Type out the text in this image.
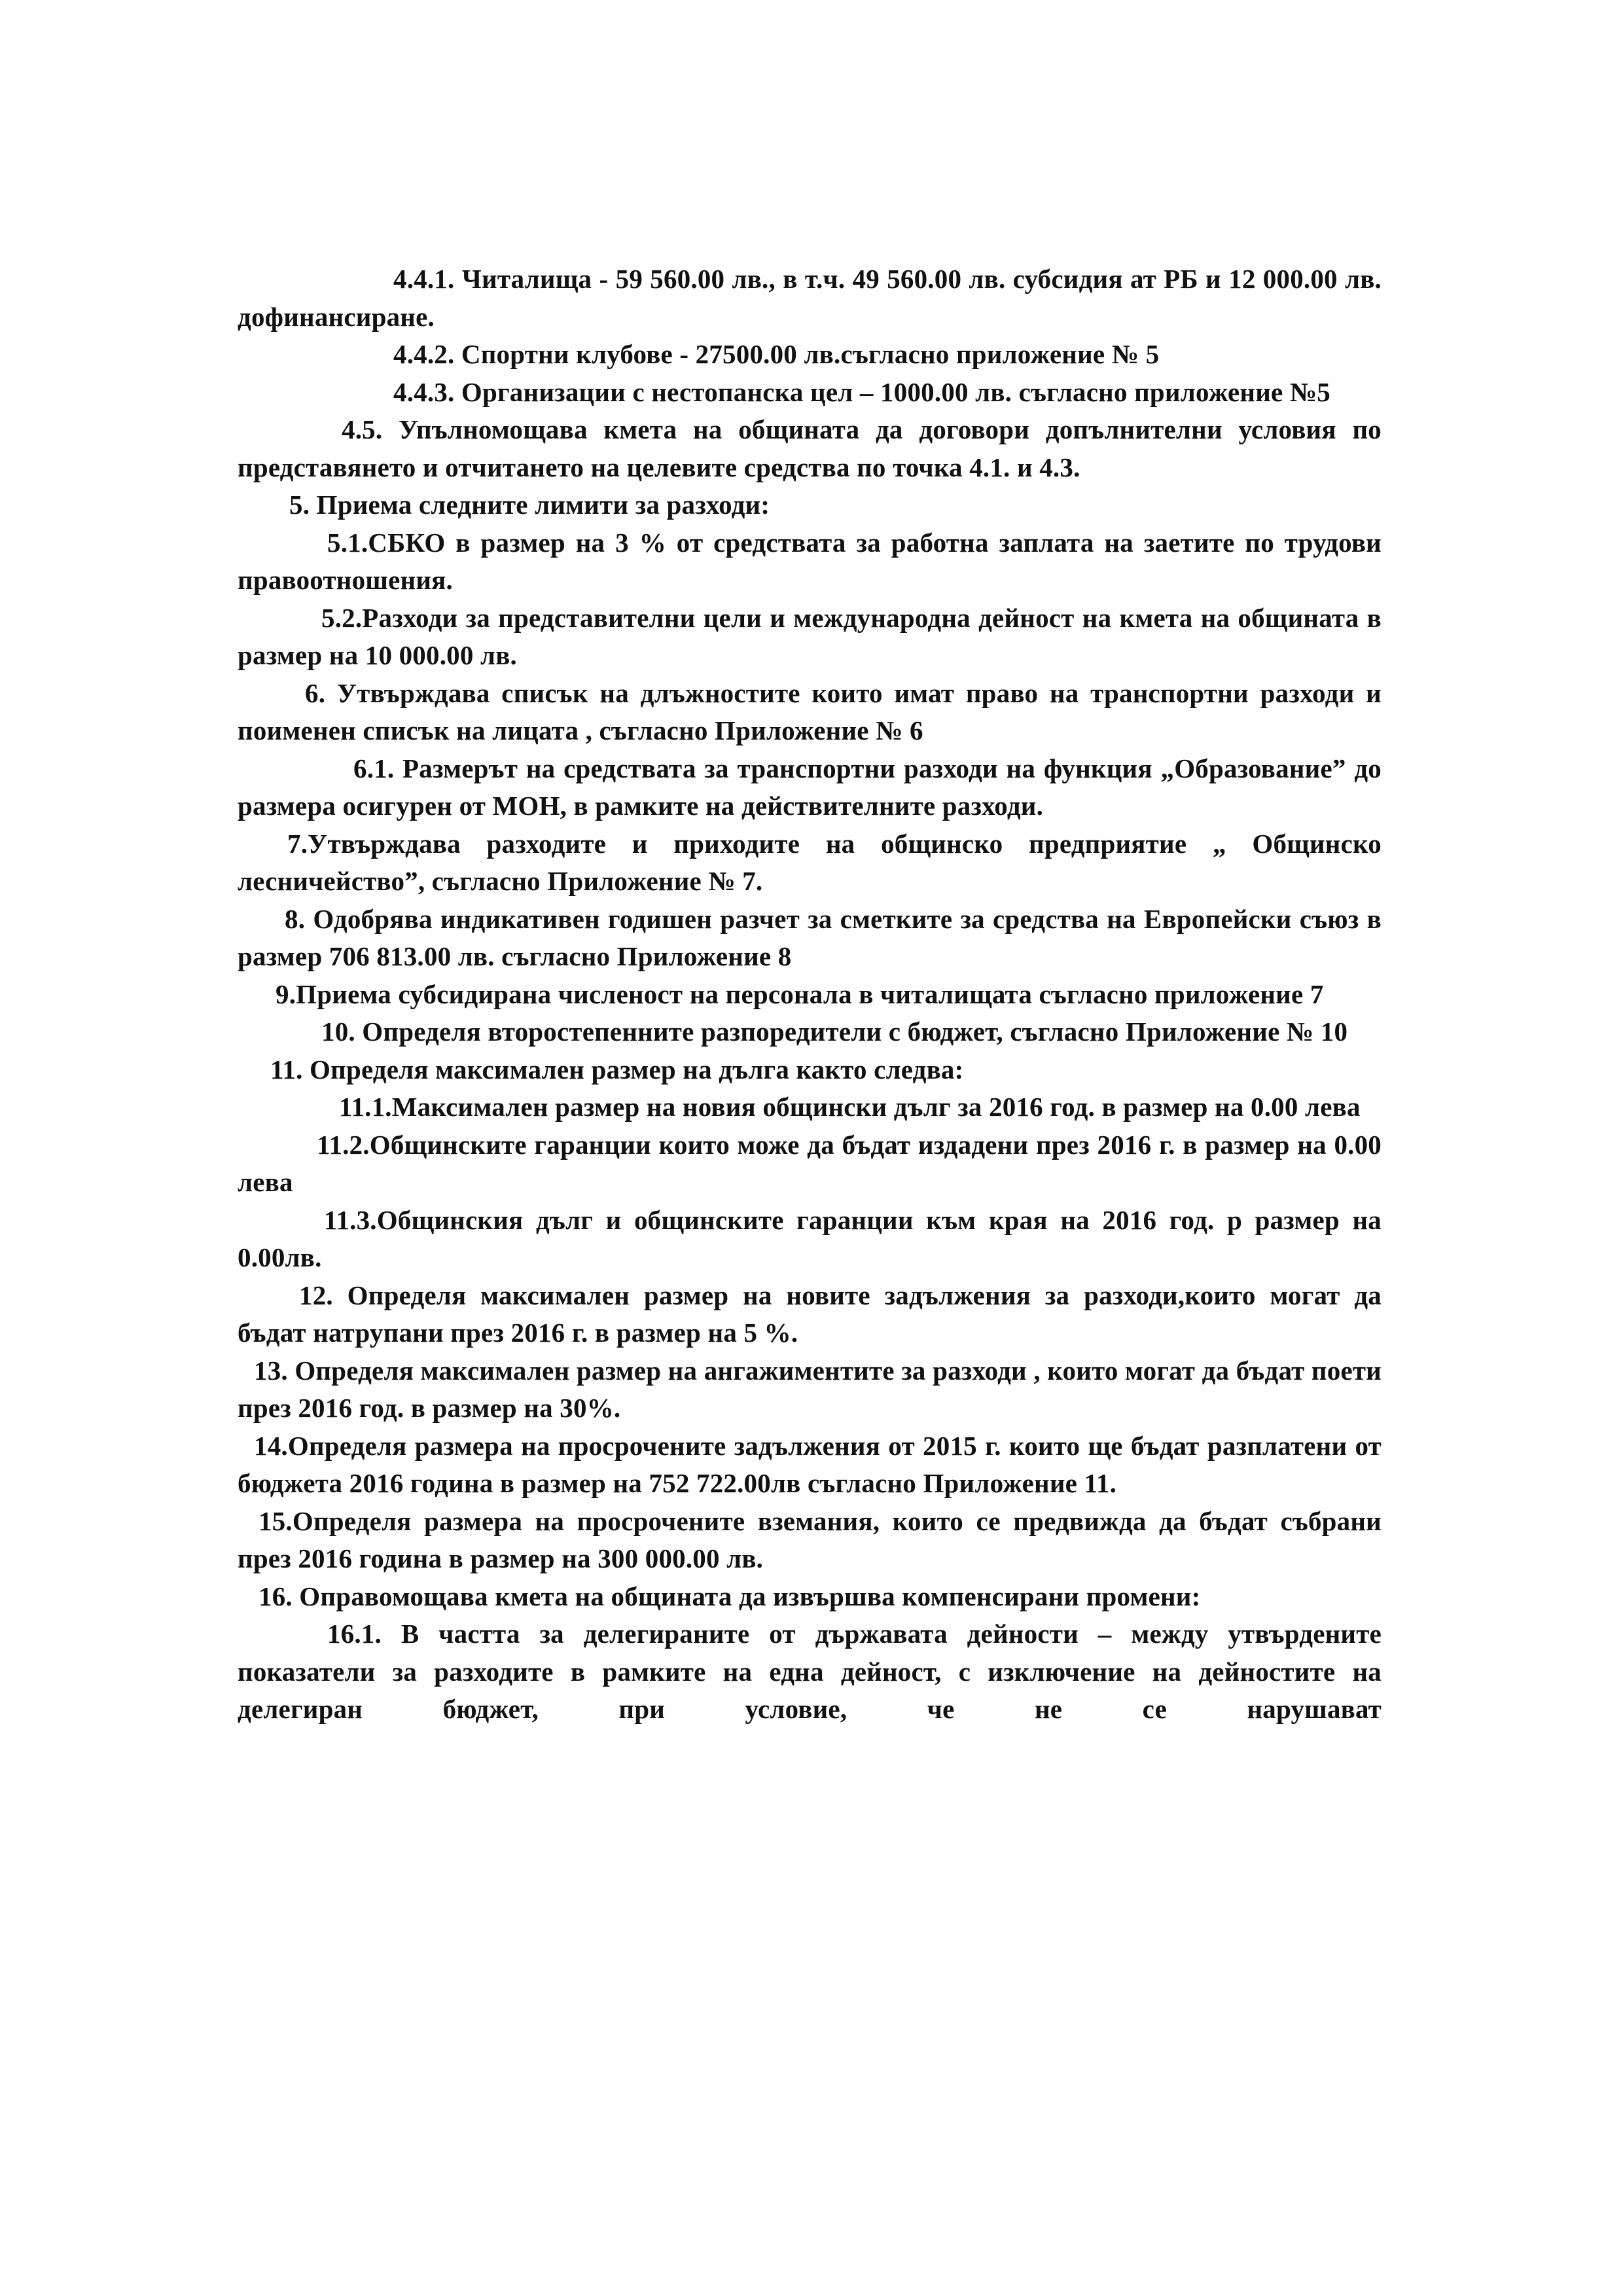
4.4.1. Читалища - 59 560.00 лв., в т.ч. 49 560.00 лв. субсидия ат РБ и 12 000.00 лв. дофинансиране.

4.4.2. Спортни клубове - 27500.00 лв.съгласно приложение № 5

4.4.3. Организации с нестопанска цел – 1000.00 лв. съгласно приложение №5

4.5. Упълномощава кмета на общината да договори допълнителни условия по представянето и отчитането на целевите средства по точка 4.1. и 4.3.

5. Приема следните лимити за разходи:

5.1.СБКО в размер на 3 % от средствата за работна заплата на заетите по трудови правоотношения.

5.2.Разходи за представителни цели и международна дейност на кмета на общината в размер на 10 000.00 лв.

6. Утвърждава списък на длъжностите които имат право на транспортни разходи и поименен списък на лицата , съгласно Приложение № 6

6.1. Размерът на средствата за транспортни разходи на функция „Образование” до размера осигурен от МОН, в рамките на действителните разходи.

7.Утвърждава разходите и приходите на общинско предприятие „ Общинско лесничейство”, съгласно Приложение № 7.

8. Одобрява индикативен годишен разчет за сметките за средства на Европейски съюз в размер 706 813.00 лв. съгласно Приложение 8

9.Приема субсидирана численост на персонала в читалищата съгласно приложение 7

10. Определя второстепенните разпоредители с бюджет, съгласно Приложение № 10

11. Определя максимален размер на дълга както следва:

11.1.Максимален размер на новия общински дълг за 2016 год. в размер на 0.00 лева

11.2.Общинските гаранции които може да бъдат издадени през 2016 г. в размер на 0.00 лева

11.3.Общинския дълг и общинските гаранции към края на 2016 год. р размер на 0.00лв.

12. Определя максимален размер на новите задължения за разходи,които могат да бъдат натрупани през 2016 г. в размер на 5 %.

13. Определя максимален размер на ангажиментите за разходи , които могат да бъдат поети през 2016 год. в размер на 30%.

14.Определя размера на просрочените задължения от 2015 г. които ще бъдат разплатени от бюджета 2016 година в размер на 752 722.00лв съгласно Приложение 11.

15.Определя размера на просрочените вземания, които се предвижда да бъдат събрани през 2016 година в размер на 300 000.00 лв.

16. Оправомощава кмета на общината да извършва компенсирани промени:

16.1. В частта за делегираните от държавата дейности – между утвърдените показатели за разходите в рамките на една дейност, с изключение на дейностите на делегиран бюджет, при условие, че не се нарушават
